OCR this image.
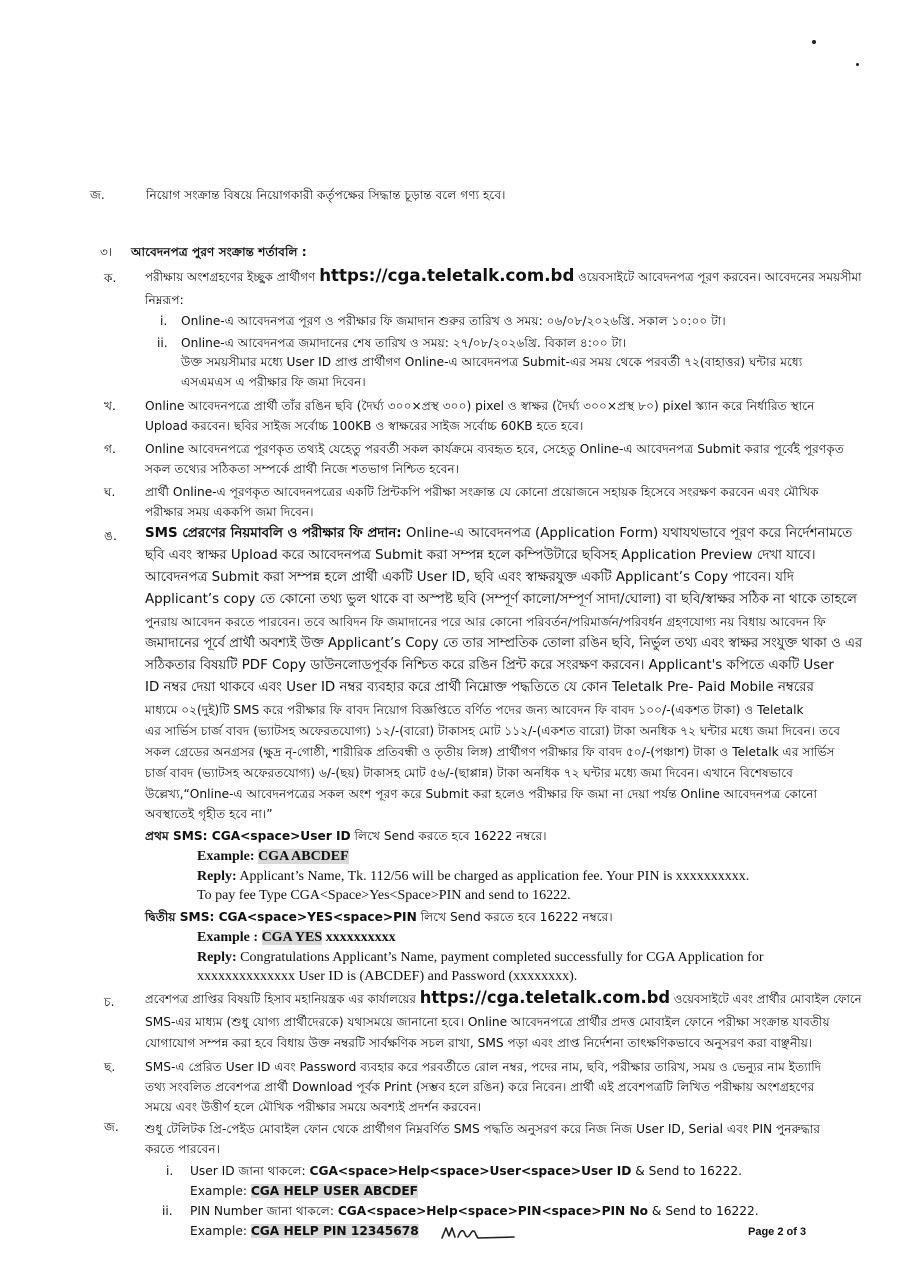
জ.	নিয়োগ সংক্রান্ত বিষয়ে নিয়োগকারী কর্তৃপক্ষের সিদ্ধান্ত চূড়ান্ত বলে গণ্য হবে।
৩। আবেদনপত্র পুরণ সংক্রান্ত শর্তাবলি :
ক. পরীক্ষায় অংশগ্রহণের ইচ্ছুক প্রার্থীগণ https://cga.teletalk.com.bd ওয়েবসাইটে আবেদনপত্র পূরণ করবেন। আবেদনের সময়সীমা
নিম্নরূপ:
i. Online-এ আবেদনপত্র পূরণ ও পরীক্ষার ফি জমাদান শুরুর তারিখ ও সময়: ০৬/০৮/২০২৬খ্রি. সকাল ১০:০০ টা।
ii. Online-এ আবেদনপত্র জমাদানের শেষ তারিখ ও সময়: ২৭/০৮/২০২৬খ্রি. বিকাল ৪:০০ টা।
উক্ত সময়সীমার মধ্যে User ID প্রাপ্ত প্রার্থীগণ Online-এ আবেদনপত্র Submit-এর সময় থেকে পরবর্তী ৭২(বাহাত্তর) ঘন্টার মধ্যে
এসএমএস এ পরীক্ষার ফি জমা দিবেন।
খ. Online আবেদনপত্রে প্রার্থী তাঁর রঙিন ছবি (দৈর্ঘ্য ৩০০×প্রস্থ ৩০০) pixel ও স্বাক্ষর (দৈর্ঘ্য ৩০০×প্রস্থ ৮০) pixel স্ক্যান করে নির্ধারিত স্থানে
Upload করবেন। ছবির সাইজ সর্বোচ্চ 100KB ও স্বাক্ষরের সাইজ সর্বোচ্চ 60KB হতে হবে।
গ. Online আবেদনপত্রে পূরণকৃত তথ্যই যেহেতু পরবর্তী সকল কার্যক্রমে ব্যবহৃত হবে, সেহেতু Online-এ আবেদনপত্র Submit করার পূর্বেই পূরণকৃত
সকল তথ্যের সঠিকতা সম্পর্কে প্রার্থী নিজে শতভাগ নিশ্চিত হবেন।
ঘ. প্রার্থী Online-এ পূরণকৃত আবেদনপত্রের একটি প্রিন্টকপি পরীক্ষা সংক্রান্ত যে কোনো প্রয়োজনে সহায়ক হিসেবে সংরক্ষণ করবেন এবং মৌখিক
পরীক্ষার সময় এককপি জমা দিবেন।
ঙ. SMS প্রেরণের নিয়মাবলি ও পরীক্ষার ফি প্রদান: Online-এ আবেদনপত্র (Application Form) যথাযথভাবে পূরণ করে নির্দেশনামতে
ছবি এবং স্বাক্ষর Upload করে আবেদনপত্র Submit করা সম্পন্ন হলে কম্পিউটারে ছবিসহ Application Preview দেখা যাবে।
আবেদনপত্র Submit করা সম্পন্ন হলে প্রার্থী একটি User ID, ছবি এবং স্বাক্ষরযুক্ত একটি Applicant’s Copy পাবেন। যদি
Applicant’s copy তে কোনো তথ্য ভুল থাকে বা অস্পষ্ট ছবি (সম্পূর্ণ কালো/সম্পূর্ণ সাদা/ঘোলা) বা ছবি/স্বাক্ষর সঠিক না থাকে তাহলে
পুনরায় আবেদন করতে পারবেন। তবে আবিদন ফি জমাদানের পরে আর কোনো পরিবর্তন/পরিমার্জন/পরিবর্ধন গ্রহণযোগ্য নয় বিধায় আবেদন ফি
জমাদানের পূর্বে প্রার্থী অবশ্যই উক্ত Applicant’s Copy তে তার সাম্প্রতিক তোলা রঙিন ছবি, নির্ভুল তথ্য এবং স্বাক্ষর সংযুক্ত থাকা ও এর
সঠিকতার বিষয়টি PDF Copy ডাউনলোডপূর্বক নিশ্চিত করে রঙিন প্রিন্ট করে সংরক্ষণ করবেন। Applicant's কপিতে একটি User
ID নম্বর দেয়া থাকবে এবং User ID নম্বর ব্যবহার করে প্রার্থী নিম্নোক্ত পদ্ধতিতে যে কোন Teletalk Pre- Paid Mobile নম্বরের
মাধ্যমে ০২(দুই)টি SMS করে পরীক্ষার ফি বাবদ নিয়োগ বিজ্ঞপ্তিতে বর্ণিত পদের জন্য আবেদন ফি বাবদ ১০০/-(একশত টাকা) ও Teletalk
এর সার্ভিস চার্জ বাবদ (ভ্যাটসহ অফেরতযোগ্য) ১২/-(বারো) টাকাসহ মোট ১১২/-(একশত বারো) টাকা অনধিক ৭২ ঘন্টার মধ্যে জমা দিবেন। তবে
সকল গ্রেডের অনগ্রসর (ক্ষুদ্র নৃ-গোষ্ঠী, শারীরিক প্রতিবন্ধী ও তৃতীয় লিঙ্গ) প্রার্থীগণ পরীক্ষার ফি বাবদ ৫০/-(পঞ্চাশ) টাকা ও Teletalk এর সার্ভিস
চার্জ বাবদ (ভ্যাটসহ অফেরতযোগ্য) ৬/-(ছয়) টাকাসহ মোট ৫৬/-(ছাপ্পান্ন) টাকা অনধিক ৭২ ঘন্টার মধ্যে জমা দিবেন। এখানে বিশেষভাবে
উল্লেখ্য,“Online-এ আবেদনপত্রের সকল অংশ পূরণ করে Submit করা হলেও পরীক্ষার ফি জমা না দেয়া পর্যন্ত Online আবেদনপত্র কোনো
অবস্থাতেই গৃহীত হবে না।”
প্রথম SMS: CGA<space>User ID লিখে Send করতে হবে 16222 নম্বরে।
Example: CGA ABCDEF
Reply: Applicant’s Name, Tk. 112/56 will be charged as application fee. Your PIN is xxxxxxxxxx.
To pay fee Type CGA<Space>Yes<Space>PIN and send to 16222.
দ্বিতীয় SMS: CGA<space>YES<space>PIN লিখে Send করতে হবে 16222 নম্বরে।
Example : CGA YES xxxxxxxxxx
Reply: Congratulations Applicant’s Name, payment completed successfully for CGA Application for
xxxxxxxxxxxxxx User ID is (ABCDEF) and Password (xxxxxxxx).
চ.	প্রবেশপত্র প্রাপ্তির বিষয়টি হিসাব মহানিয়ন্ত্রক এর কার্যালয়ের https://cga.teletalk.com.bd ওয়েবসাইটে এবং প্রার্থীর মোবাইল ফোনে
SMS-এর মাধ্যম (শুধু যোগ্য প্রার্থীদেরকে) যথাসময়ে জানানো হবে। Online আবেদনপত্রে প্রার্থীর প্রদত্ত মোবাইল ফোনে পরীক্ষা সংক্রান্ত যাবতীয়
যোগাযোগ সম্পন্ন করা হবে বিধায় উক্ত নম্বরটি সার্বক্ষণিক সচল রাখা, SMS পড়া এবং প্রাপ্ত নির্দেশনা তাৎক্ষণিকভাবে অনুসরণ করা বাঞ্ছনীয়।
ছ. SMS-এ প্রেরিত User ID এবং Password ব্যবহার করে পরবর্তীতে রোল নম্বর, পদের নাম, ছবি, পরীক্ষার তারিখ, সময় ও ভেন্যুর নাম ইত্যাদি
তথ্য সংবলিত প্রবেশপত্র প্রার্থী Download পূর্বক Print (সম্ভব হলে রঙিন) করে নিবেন। প্রার্থী এই প্রবেশপত্রটি লিখিত পরীক্ষায় অংশগ্রহণের
সময়ে এবং উত্তীর্ণ হলে মৌখিক পরীক্ষার সময়ে অবশ্যই প্রদর্শন করবেন।
জ. শুধু টেলিটক প্রি-পেইড মোবাইল ফোন থেকে প্রার্থীগণ নিম্নবর্ণিত SMS পদ্ধতি অনুসরণ করে নিজ নিজ User ID, Serial এবং PIN পুনরুদ্ধার
করতে পারবেন।
i. User ID জানা থাকলে: CGA<space>Help<space>User<space>User ID & Send to 16222.
Example: CGA HELP USER ABCDEF
ii. PIN Number জানা থাকলে: CGA<space>Help<space>PIN<space>PIN No & Send to 16222.
Example: CGA HELP PIN 12345678	Page 2 of 3
